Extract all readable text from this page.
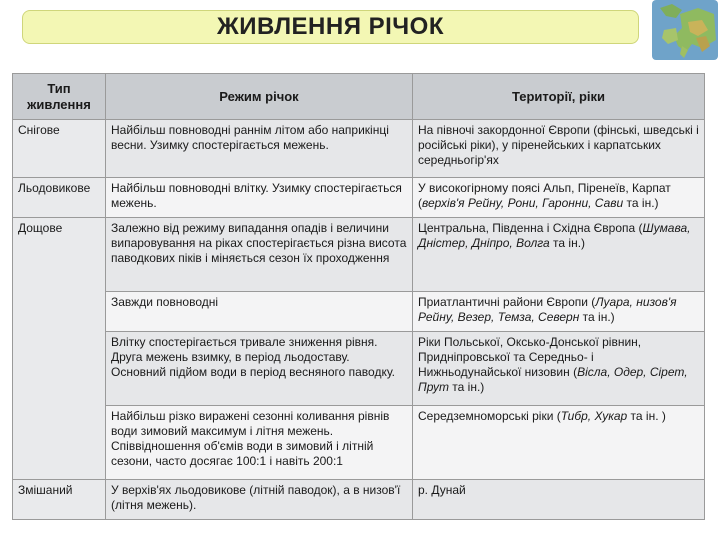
ЖИВЛЕННЯ РІЧОК
Тип живлення	Режим річок	Території, ріки
Снігове	Найбільш повноводні раннім літом або наприкінці весни. Узимку спостерігається межень.	На півночі закордонної Європи (фінські, шведські і російські ріки), у піренейських і карпатських середньогір'ях
Льодовикове	Найбільш повноводні влітку. Узимку спостерігається межень.	У високогірному поясі Альп, Піренеїв, Карпат (верхів'я Рейну, Рони, Гаронни, Сави та ін.)
Дощове	Залежно від режиму випадання опадів і величини випаровування на ріках спостерігається різна висота паводкових піків і міняється сезон їх проходження	Центральна, Південна і Східна Європа (Шумава, Дністер, Дніпро, Волга та ін.)
	Завжди повноводні	Приатлантичні райони Європи (Луара, низов'я Рейну, Везер, Темза, Северн та ін.)
	Влітку спостерігається тривале зниження рівня. Друга межень взимку, в період льодоставу. Основний підйом води в період весняного паводку.	Ріки Польської, Оксько-Донської рівнин, Придніпровської та Середньо- і Нижньодунайської низовин (Вісла, Одер, Сірет, Прут та ін.)
	Найбільш різко виражені сезонні коливання рівнів води зимовий максимум і літня межень. Співвідношення об'ємів води в зимовий і літній сезони, часто досягає 100:1 і навіть 200:1	Середземноморські ріки (Тибр, Хукар та ін. )
Змішаний	У верхів'ях льодовикове (літній паводок), а в низов'ї (літня межень).	р. Дунай
